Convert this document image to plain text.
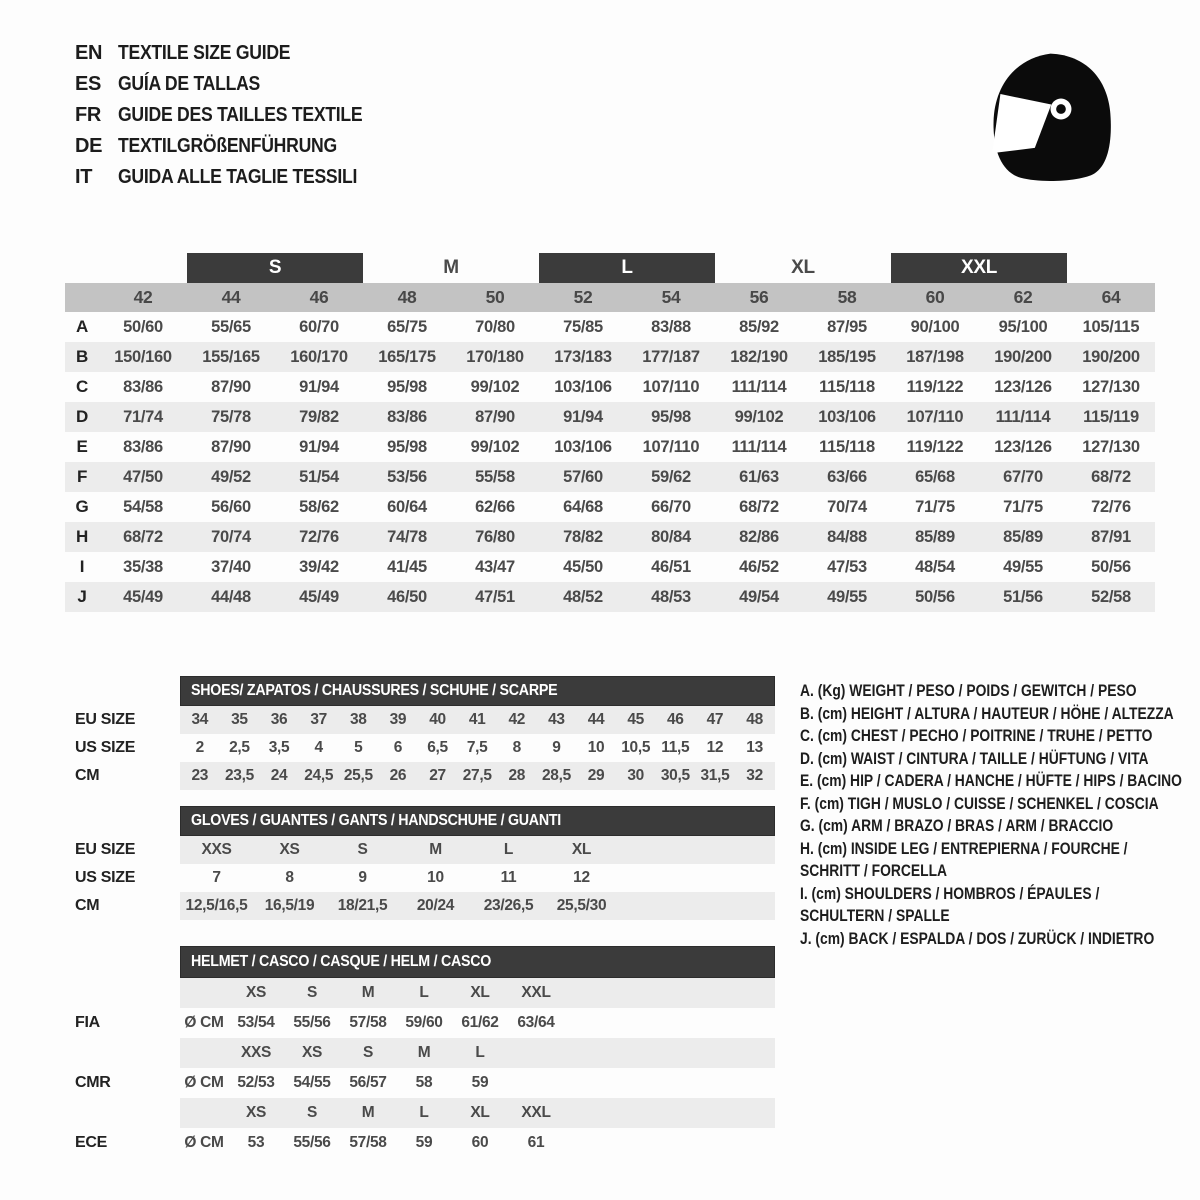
EN TEXTILE SIZE GUIDE
ES GUÍA DE TALLAS
FR GUIDE DES TAILLES TEXTILE
DE TEXTILGRÖßENFÜHRUNG
IT	GUIDA ALLE TAGLIE TESSILI
		S		M		L		XL		XXL		
	42	44	46	48	50	52	54	56	58	60	62	64
A	50/60	55/65	60/70	65/75	70/80	75/85	83/88	85/92	87/95	90/100	95/100	105/115
B	150/160	155/165	160/170	165/175	170/180	173/183	177/187	182/190	185/195	187/198	190/200	190/200
C	83/86	87/90	91/94	95/98	99/102	103/106	107/110	111/114	115/118	119/122	123/126	127/130
D	71/74	75/78	79/82	83/86	87/90	91/94	95/98	99/102	103/106	107/110	111/114	115/119
E	83/86	87/90	91/94	95/98	99/102	103/106	107/110	111/114	115/118	119/122	123/126	127/130
F	47/50	49/52	51/54	53/56	55/58	57/60	59/62	61/63	63/66	65/68	67/70	68/72
G	54/58	56/60	58/62	60/64	62/66	64/68	66/70	68/72	70/74	71/75	71/75	72/76
H	68/72	70/74	72/76	74/78	76/80	78/82	80/84	82/86	84/88	85/89	85/89	87/91
I	35/38	37/40	39/42	41/45	43/47	45/50	46/51	46/52	47/53	48/54	49/55	50/56
J	45/49	44/48	45/49	46/50	47/51	48/52	48/53	49/54	49/55	50/56	51/56	52/58
	SHOES/ ZAPATOS / CHAUSSURES / SCHUHE / SCARPE														
EU SIZE	34	35	36	37	38	39	40	41	42	43	44	45	46	47	48
US SIZE	2	2,5	3,5	4	5	6	6,5	7,5	8	9	10	10,5	11,5	12	13
CM	23	23,5	24	24,5	25,5	26	27	27,5	28	28,5	29	30	30,5	31,5	32
	GLOVES / GUANTES / GANTS / HANDSCHUHE / GUANTI						
EU SIZE	XXS	XS	S	M	L	XL	
US SIZE	7	8	9	10	11	12	
CM	12,5/16,5	16,5/19	18/21,5	20/24	23/26,5	25,5/30	
	HELMET / CASCO / CASQUE / HELM / CASCO							
		XS	S	M	L	XL	XXL	
FIA	Ø CM	53/54	55/56	57/58	59/60	61/62	63/64	
		XXS	XS	S	M	L		
CMR	Ø CM	52/53	54/55	56/57	58	59		
		XS	S	M	L	XL	XXL	
ECE	Ø CM	53	55/56	57/58	59	60	61	
A. (Kg) WEIGHT / PESO / POIDS / GEWITCH / PESO
B. (cm) HEIGHT / ALTURA / HAUTEUR / HÖHE / ALTEZZA
C. (cm) CHEST / PECHO / POITRINE / TRUHE / PETTO
D. (cm) WAIST / CINTURA / TAILLE / HÜFTUNG / VITA
E. (cm) HIP / CADERA / HANCHE / HÜFTE / HIPS / BACINO
F. (cm) TIGH / MUSLO / CUISSE / SCHENKEL / COSCIA
G. (cm) ARM / BRAZO / BRAS / ARM / BRACCIO
H. (cm) INSIDE LEG / ENTREPIERNA / FOURCHE /
SCHRITT / FORCELLA
I. (cm) SHOULDERS / HOMBROS / ÉPAULES /
SCHULTERN / SPALLE
J. (cm) BACK / ESPALDA / DOS / ZURÜCK / INDIETRO
